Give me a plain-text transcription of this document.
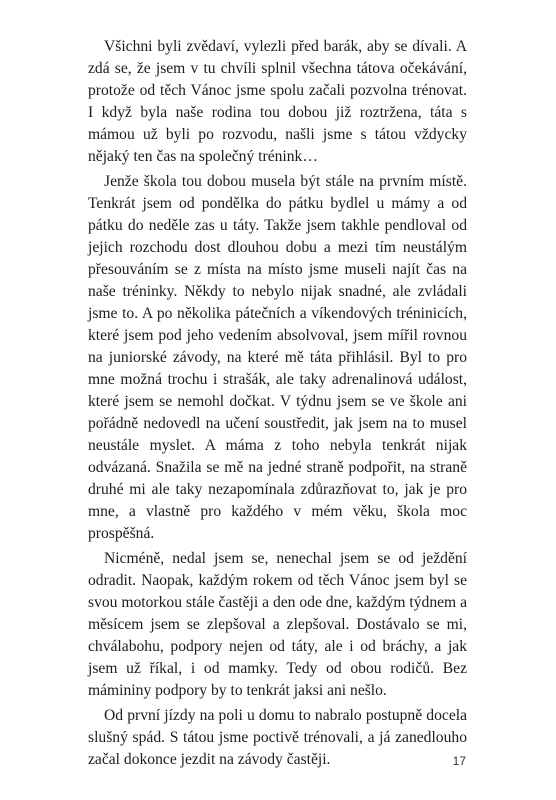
Všichni byli zvědaví, vylezli před barák, aby se dívali. A zdá se, že jsem v tu chvíli splnil všechna tátova očekávání, protože od těch Vánoc jsme spolu začali pozvolna trénovat. I když byla naše rodina tou dobou již roztržena, táta s mámou už byli po rozvodu, našli jsme s tátou vždycky nějaký ten čas na společný trénink…

Jenže škola tou dobou musela být stále na prvním místě. Tenkrát jsem od pondělka do pátku bydlel u mámy a od pátku do neděle zas u táty. Takže jsem takhle pendloval od jejich rozchodu dost dlouhou dobu a mezi tím neustálým přesouváním se z místa na místo jsme museli najít čas na naše tréninky. Někdy to nebylo nijak snadné, ale zvládali jsme to. A po několika pátečních a víkendových tréninicích, které jsem pod jeho vedením absolvoval, jsem mířil rovnou na juniorské závody, na které mě táta přihlásil. Byl to pro mne možná trochu i strašák, ale taky adrenalinová událost, které jsem se nemohl dočkat. V týdnu jsem se ve škole ani pořádně nedovedl na učení soustředit, jak jsem na to musel neustále myslet. A máma z toho nebyla tenkrát nijak odvázaná. Snažila se mě na jedné straně podpořit, na straně druhé mi ale taky nezapomínala zdůrazňovat to, jak je pro mne, a vlastně pro každého v mém věku, škola moc prospěšná.

Nicméně, nedal jsem se, nenechal jsem se od ježdění odradit. Naopak, každým rokem od těch Vánoc jsem byl se svou motorkou stále častěji a den ode dne, každým týdnem a měsícem jsem se zlepšoval a zlepšoval. Dostávalo se mi, chválabohu, podpory nejen od táty, ale i od bráchy, a jak jsem už říkal, i od mamky. Tedy od obou rodičů. Bez mámininy podpory by to tenkrát jaksi ani nešlo.

Od první jízdy na poli u domu to nabralo postupně docela slušný spád. S tátou jsme poctivě trénovali, a já zanedlouho začal dokonce jezdit na závody častěji.	17
